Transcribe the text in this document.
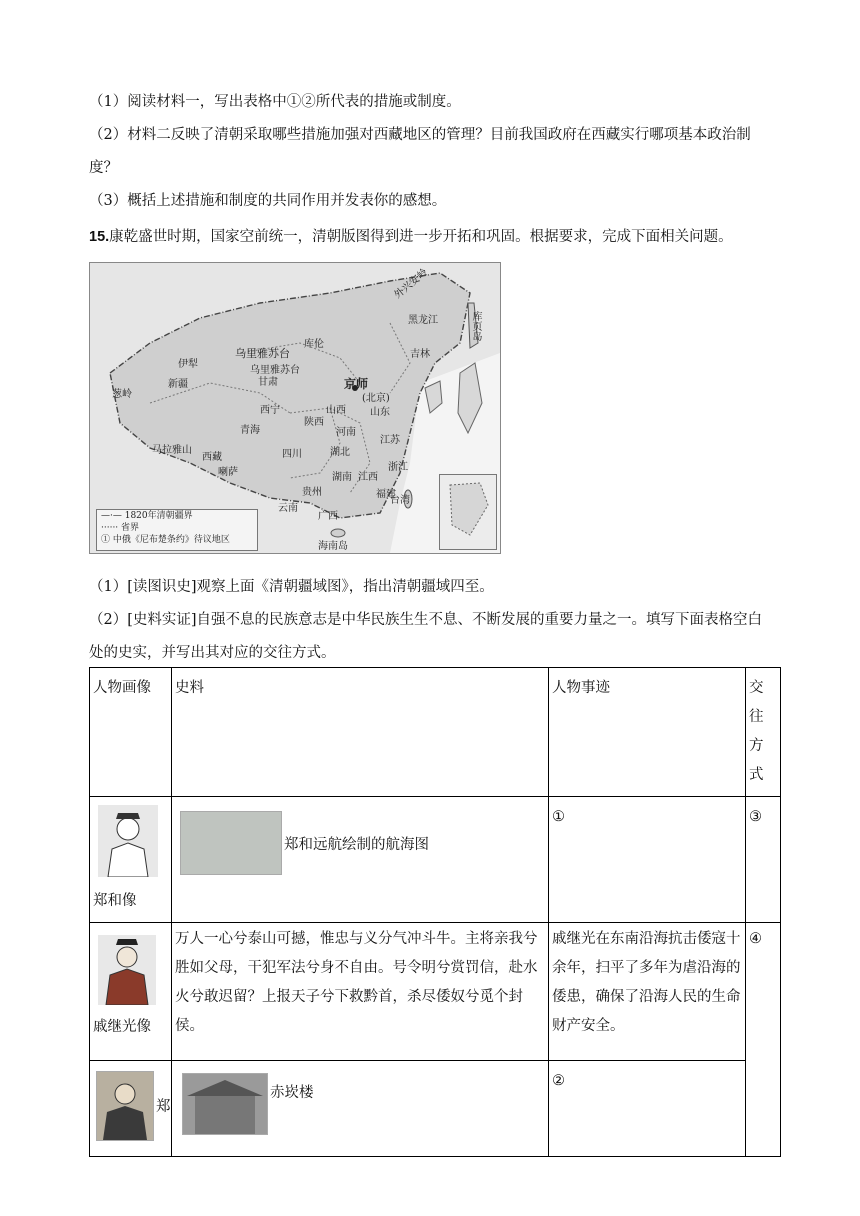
（1）阅读材料一，写出表格中①②所代表的措施或制度。
（2）材料二反映了清朝采取哪些措施加强对西藏地区的管理？目前我国政府在西藏实行哪项基本政治制
度？
（3）概括上述措施和制度的共同作用并发表你的感想。
15.康乾盛世时期，国家空前统一，清朝版图得到进一步开拓和巩固。根据要求，完成下面相关问题。
外兴安岭
库页岛
乌里雅苏台
库伦
乌里雅苏台
伊犁
新疆	京师
(北京)
西宁
青海
甘肃
西藏
喇萨
四川
云南
广西
台湾
海南岛
山东
江苏
河南
湖北
湖南 江西
福建
浙江
贵州
山西
陕西
吉林
黑龙江
葱岭
马拉雅山
—·— 1820年清朝疆界
······ 省界
① 中俄《尼布楚条约》待议地区
（1）[读图识史]观察上面《清朝疆域图》，指出清朝疆域四至。
（2）[史料实证]自强不息的民族意志是中华民族生生不息、不断发展的重要力量之一。填写下面表格空白
处的史实，并写出其对应的交往方式。
人物画像	史料	人物事迹	交往方式

郑和像	郑和远航绘制的航海图	①	③

戚继光像	万人一心兮泰山可撼，惟忠与义分气冲斗牛。主将亲我兮胜如父母，干犯军法兮身不自由。号令明兮赏罚信，赴水火兮敢迟留？上报天子兮下救黔首，杀尽倭奴兮觅个封侯。	戚继光在东南沿海抗击倭寇十余年，扫平了多年为虐沿海的倭患，确保了沿海人民的生命财产安全。	④

郑	赤崁楼	②	
